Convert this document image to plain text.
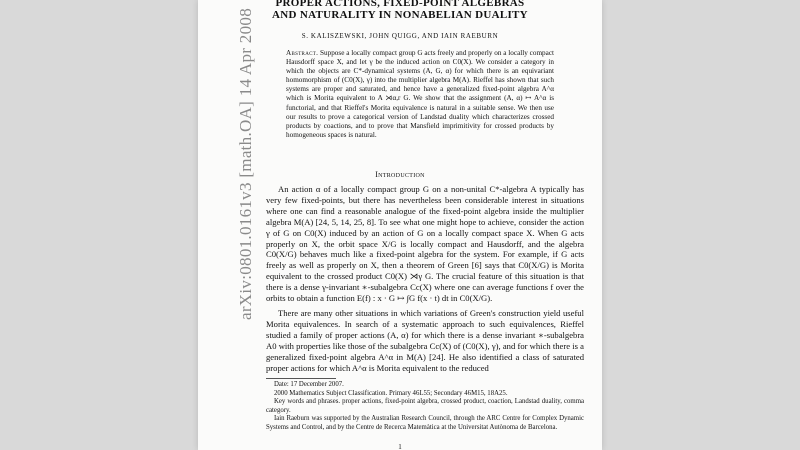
arXiv:0801.0161v3 [math.OA] 14 Apr 2008
PROPER ACTIONS, FIXED-POINT ALGEBRAS
AND NATURALITY IN NONABELIAN DUALITY
S. KALISZEWSKI, JOHN QUIGG, AND IAIN RAEBURN
Abstract. Suppose a locally compact group G acts freely and properly on a locally compact Hausdorff space X, and let γ be the induced action on C0(X). We consider a category in which the objects are C*-dynamical systems (A, G, α) for which there is an equivariant homomorphism of (C0(X), γ) into the multiplier algebra M(A). Rieffel has shown that such systems are proper and saturated, and hence have a generalized fixed-point algebra A^α which is Morita equivalent to A ⋊α,r G. We show that the assignment (A, α) ↦ A^α is functorial, and that Rieffel's Morita equivalence is natural in a suitable sense. We then use our results to prove a categorical version of Landstad duality which characterizes crossed products by coactions, and to prove that Mansfield imprimitivity for crossed products by homogeneous spaces is natural.
Introduction

An action α of a locally compact group G on a non-unital C*-algebra A typically has very few fixed-points, but there has nevertheless been considerable interest in situations where one can find a reasonable analogue of the fixed-point algebra inside the multiplier algebra M(A) [24, 5, 14, 25, 8]. To see what one might hope to achieve, consider the action γ of G on C0(X) induced by an action of G on a locally compact space X. When G acts properly on X, the orbit space X/G is locally compact and Hausdorff, and the algebra C0(X/G) behaves much like a fixed-point algebra for the system. For example, if G acts freely as well as properly on X, then a theorem of Green [6] says that C0(X/G) is Morita equivalent to the crossed product C0(X) ⋊γ G. The crucial feature of this situation is that there is a dense γ-invariant ∗-subalgebra Cc(X) where one can average functions f over the orbits to obtain a function E(f) : x · G ↦ ∫G f(x · t) dt in C0(X/G).

There are many other situations in which variations of Green's construction yield useful Morita equivalences. In search of a systematic approach to such equivalences, Rieffel studied a family of proper actions (A, α) for which there is a dense invariant ∗-subalgebra A0 with properties like those of the subalgebra Cc(X) of (C0(X), γ), and for which there is a generalized fixed-point algebra A^α in M(A) [24]. He also identified a class of saturated proper actions for which A^α is Morita equivalent to the reduced

Date: 17 December 2007.
2000 Mathematics Subject Classification. Primary 46L55; Secondary 46M15, 18A25.
Key words and phrases. proper actions, fixed-point algebra, crossed product, coaction, Landstad duality, comma category.
Iain Raeburn was supported by the Australian Research Council, through the ARC Centre for Complex Dynamic Systems and Control, and by the Centre de Recerca Matemàtica at the Universitat Autònoma de Barcelona.
1
